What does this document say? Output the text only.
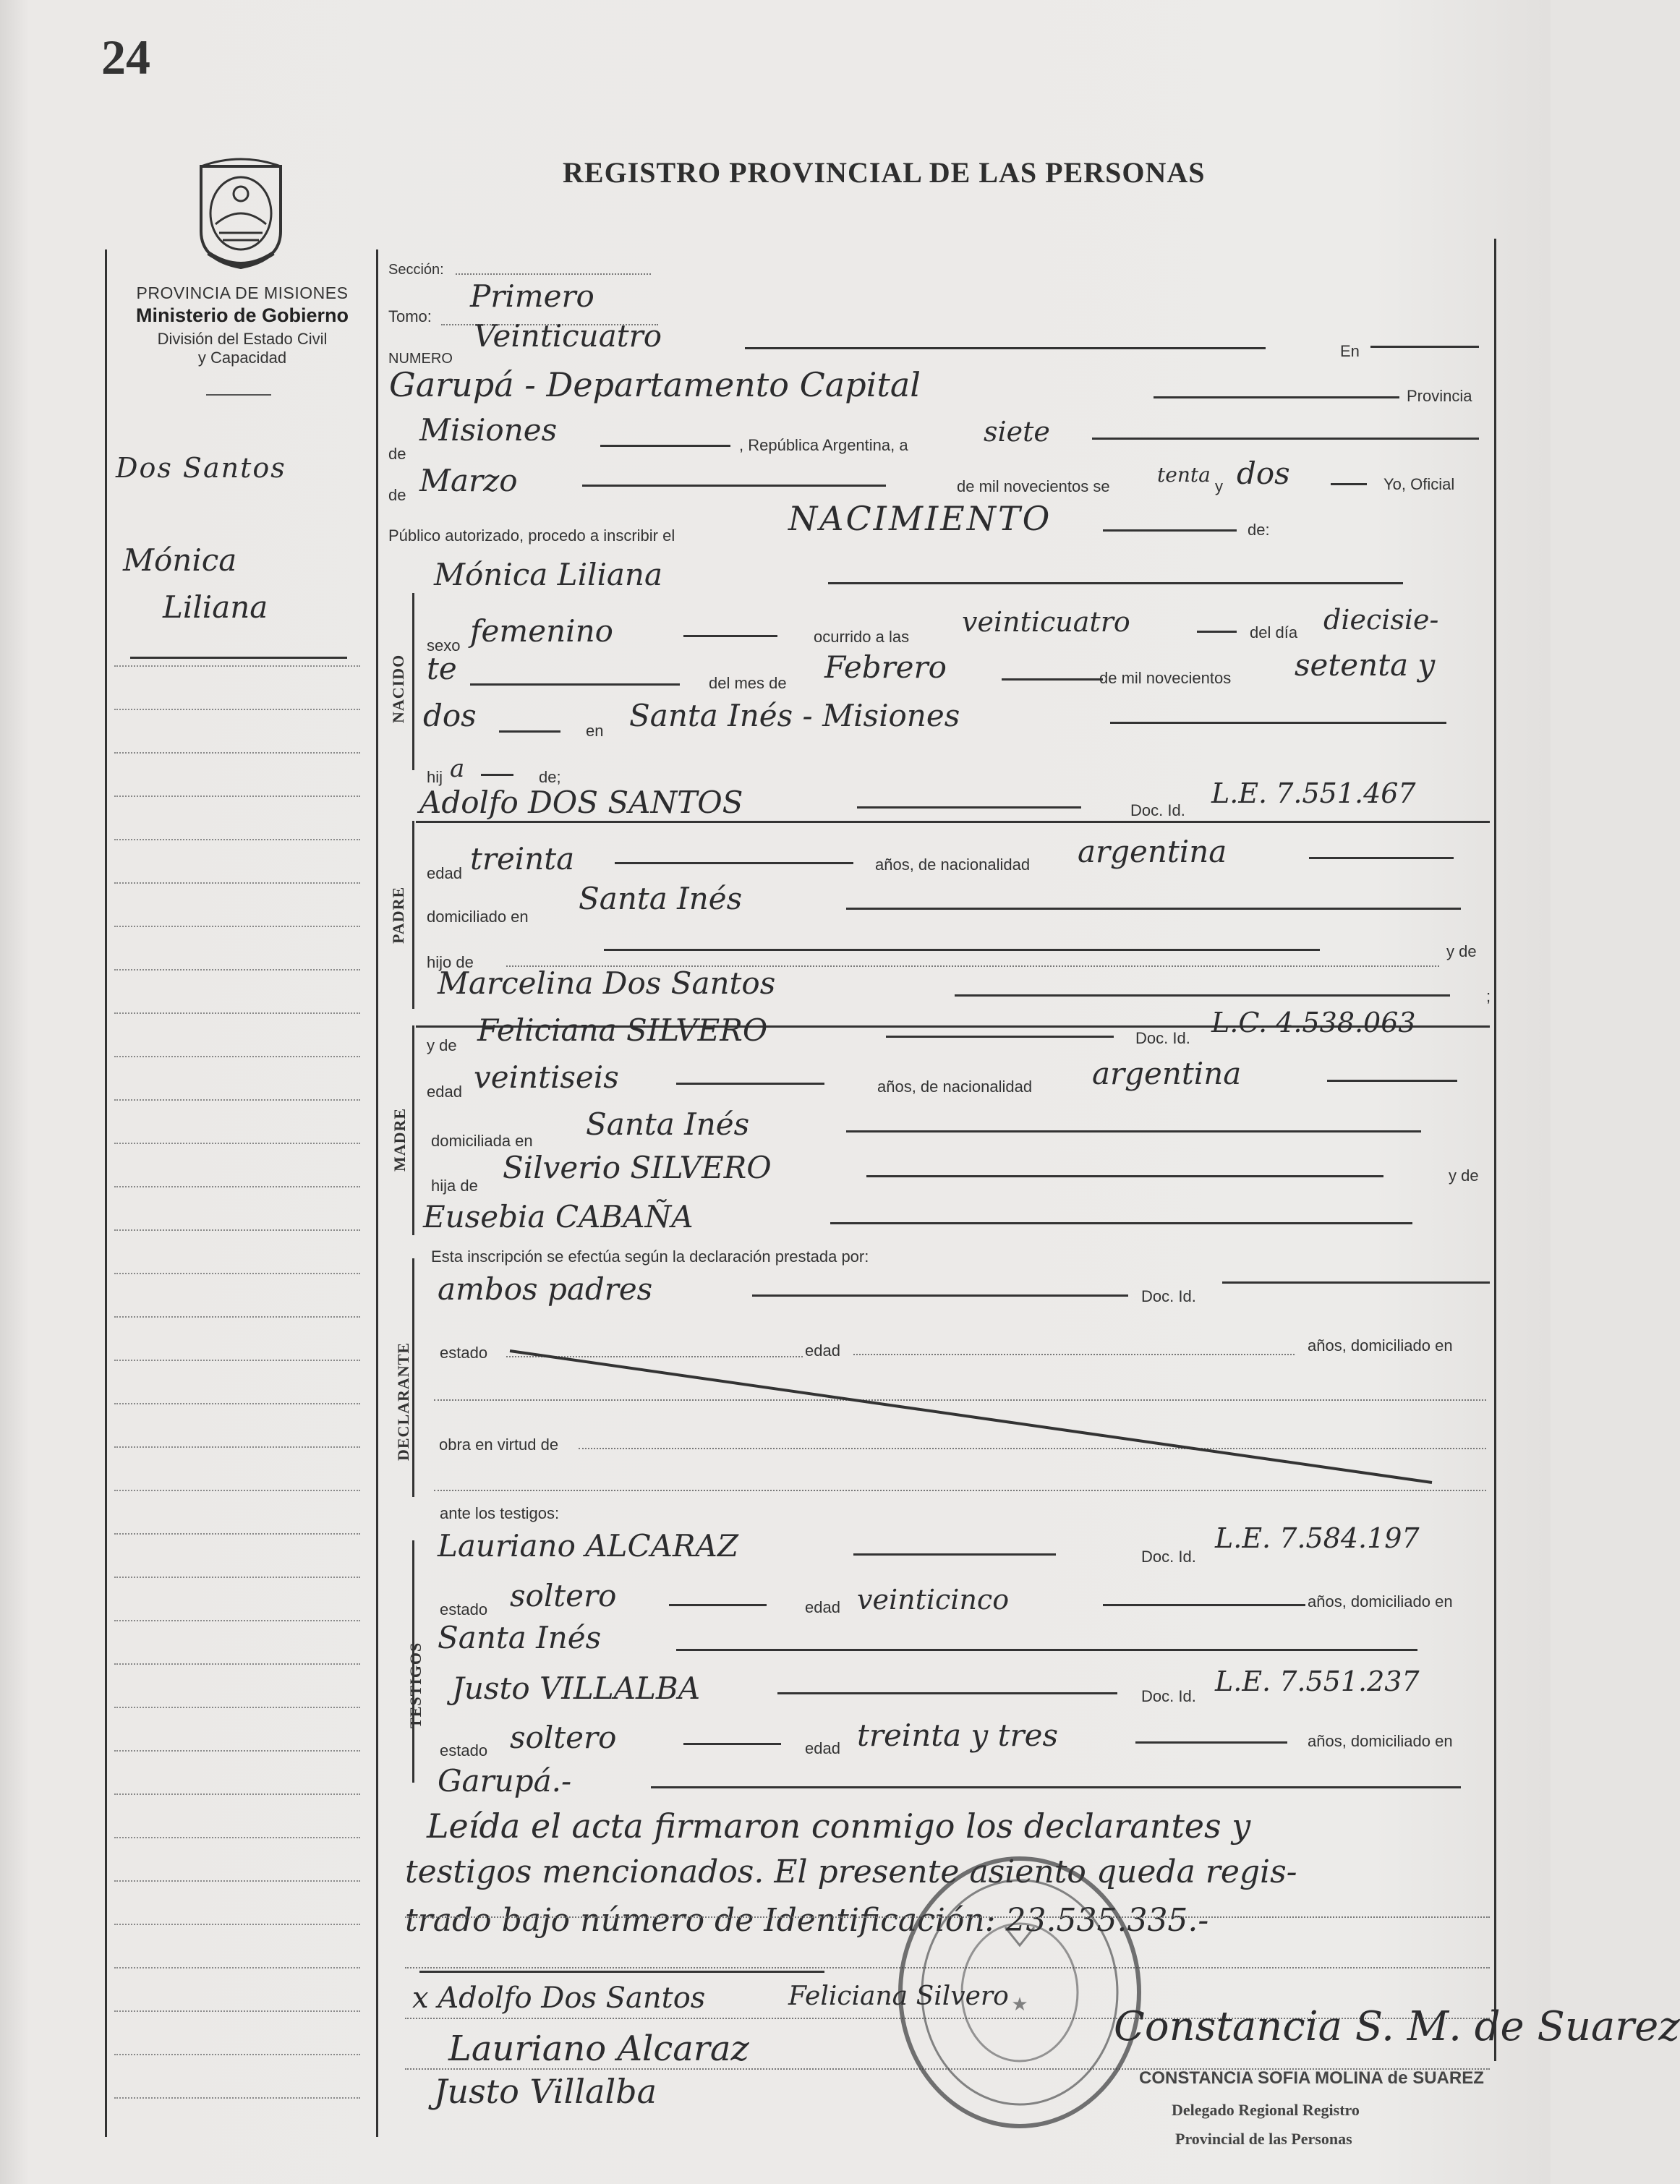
24
REGISTRO PROVINCIAL DE LAS PERSONAS
PROVINCIA DE MISIONES
Ministerio de Gobierno
División del Estado Civil
y Capacidad
Dos Santos
Mónica
Liliana
Sección:
Tomo:
Primero
NUMERO
Veinticuatro	En
Garupá - Departamento Capital	Provincia
de
Misiones	, República Argentina, a	siete
de Marzo	de mil novecientos se tenta y dos	Yo, Oficial
Público autorizado, procedo a inscribir el	NACIMIENTO	de:
NACIDO
Mónica Liliana
sexo femenino	ocurrido a las veinticuatro	del día diecisie-
te	del mes de Febrero	de mil novecientos setenta y
dos	en Santa Inés - Misiones
hij a	de;
PADRE
Adolfo DOS SANTOS	Doc. Id.
L.E. 7.551.467
edad treinta	años, de nacionalidad argentina
domiciliado en
Santa Inés
hijo de
y de
Marcelina Dos Santos	;
MADRE
y de Feliciana SILVERO	Doc. Id. L.C. 4.538.063
edad veintiseis	años, de nacionalidad argentina
domiciliada en Santa Inés
hija de
Silverio SILVERO	y de
Eusebia CABAÑA
Esta inscripción se efectúa según la declaración prestada por:
DECLARANTE
ambos padres	Doc. Id.
estado	edad	años, domiciliado en
obra en virtud de
ante los testigos:
TESTIGOS
Lauriano ALCARAZ	Doc. Id.
L.E. 7.584.197
estado soltero	edad veinticinco	años, domiciliado en
Santa Inés
Justo VILLALBA	Doc. Id. L.E. 7.551.237
estado soltero	edad treinta y tres	años, domiciliado en
Garupá.-
Leída el acta firmaron conmigo los declarantes y
testigos mencionados. El presente asiento queda regis-
trado bajo número de Identificación: 23.535.335.-
★
x Adolfo Dos Santos	Feliciana Silvero
Lauriano Alcaraz
Justo Villalba
Constancia S. M. de Suarez
CONSTANCIA SOFIA MOLINA de SUAREZ
Delegado Regional Registro
Provincial de las Personas
